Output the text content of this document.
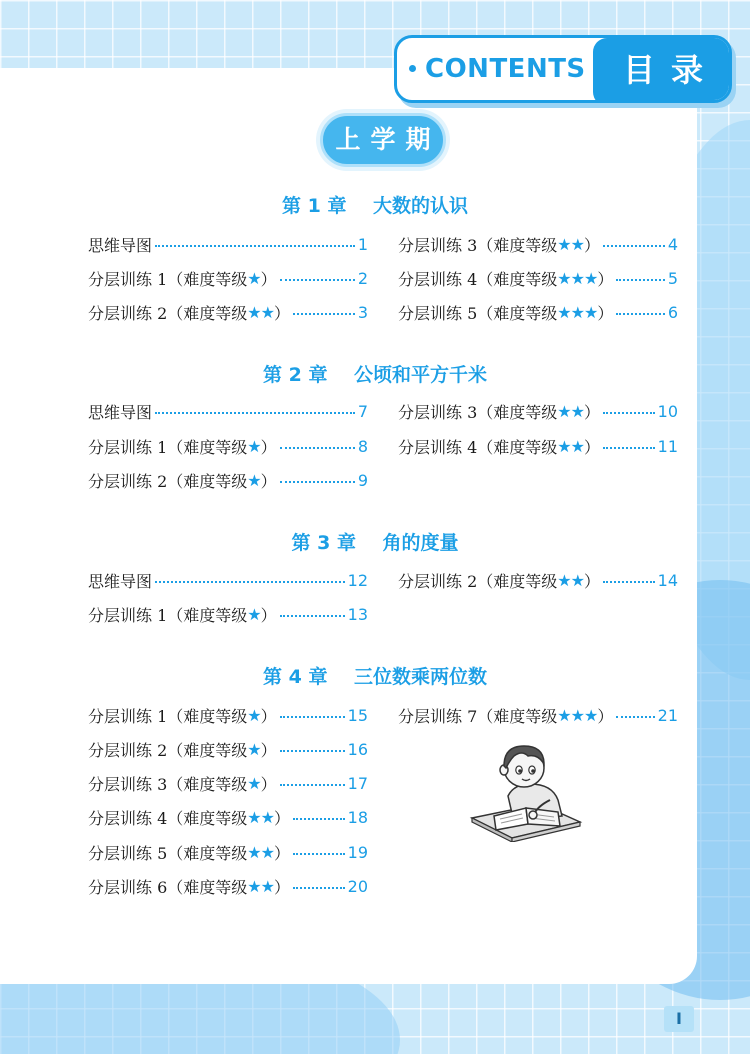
CONTENTS	目录
上学期
第 1 章    大数的认识
思维导图	1
分层训练 1（难度等级 ★ ）	2
分层训练 2（难度等级 ★★ ）	3
分层训练 3（难度等级 ★★ ）	4
分层训练 4（难度等级 ★★★ ）	5
分层训练 5（难度等级 ★★★ ）	6
第 2 章    公顷和平方千米
思维导图	7
分层训练 1（难度等级 ★ ）	8
分层训练 2（难度等级 ★ ）	9
分层训练 3（难度等级 ★★ ）	10
分层训练 4（难度等级 ★★ ）	11
第 3 章    角的度量
思维导图	12
分层训练 1（难度等级 ★ ）	13
分层训练 2（难度等级 ★★ ）	14
第 4 章    三位数乘两位数
分层训练 1（难度等级 ★ ）	15
分层训练 2（难度等级 ★ ）	16
分层训练 3（难度等级 ★ ）	17
分层训练 4（难度等级 ★★ ）	18
分层训练 5（难度等级 ★★ ）	19
分层训练 6（难度等级 ★★ ）	20
分层训练 7（难度等级 ★★★ ）	21
I
